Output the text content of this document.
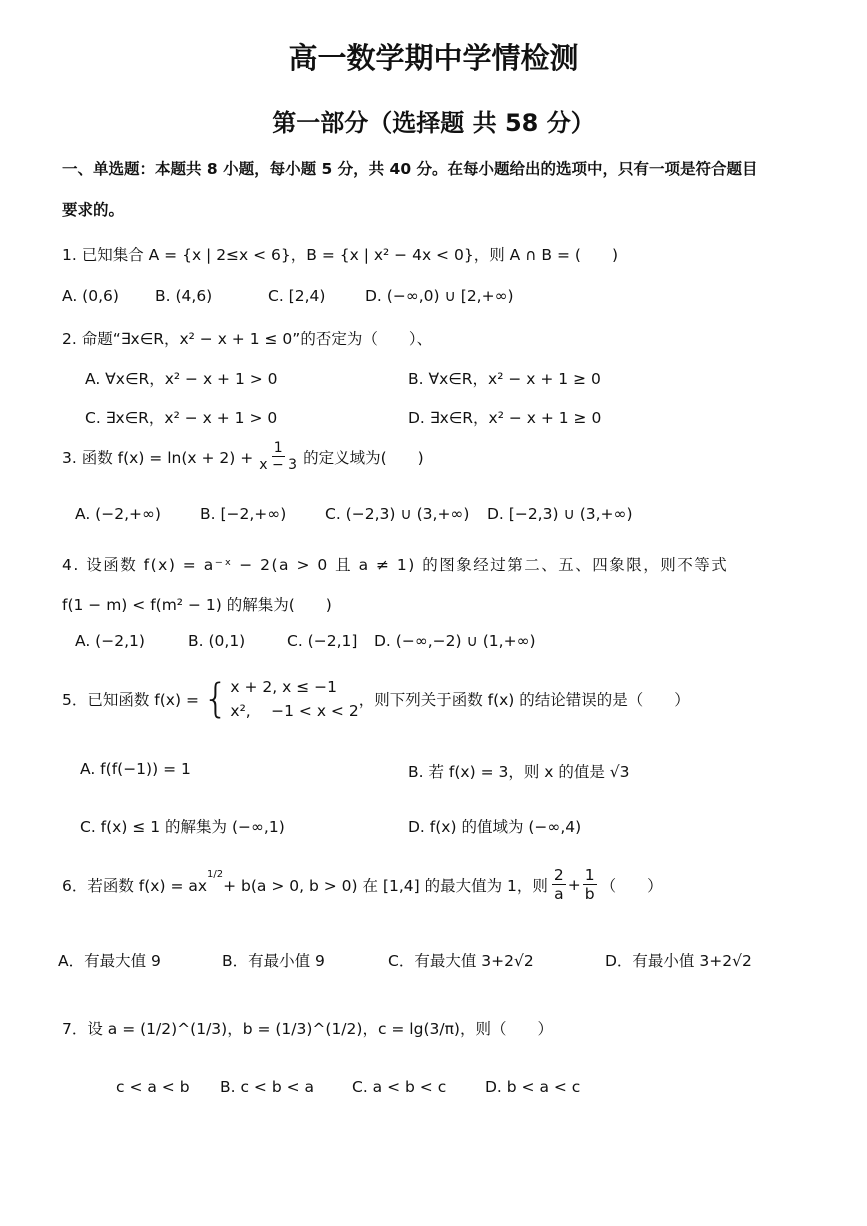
高一数学期中学情检测
第一部分（选择题 共 58 分）
一、单选题：本题共 8 小题，每小题 5 分，共 40 分。在每小题给出的选项中，只有一项是符合题目
要求的。
1. 已知集合 A = {x | 2≤x < 6}，B = {x | x² − 4x < 0}，则 A ∩ B = (　　)
A. (0,6) B. (4,6)	C. [2,4)	D. (−∞,0) ∪ [2,+∞)
2. 命题“∃x∈R，x² − x + 1 ≤ 0”的否定为（　　）、
A. ∀x∈R，x² − x + 1 > 0	B. ∀x∈R，x² − x + 1 ≥ 0
C. ∃x∈R，x² − x + 1 > 0	D. ∃x∈R，x² − x + 1 ≥ 0
3. 函数 $f(x) = \ln(x + 2) + \frac{1}{x - 3}$ 的定义域为(　　)
A. (−2,+∞)	B. [−2,+∞) C. (−2,3) ∪ (3,+∞) D. [−2,3) ∪ (3,+∞)
4. 设函数 f(x) = a⁻ˣ − 2(a > 0 且 a ≠ 1) 的图象经过第二、五、四象限，则不等式
f(1 − m) < f(m² − 1) 的解集为(　　)
A. (−2,1)	B. (0,1)	C. (−2,1] D. (−∞,−2) ∪ (1,+∞)
5．已知函数 f(x) = { x + 2, x ≤ −1
x²,　 −1 < x < 2
，则下列关于函数 f(x) 的结论错误的是（　　）
A. f(f(−1)) = 1	B. 若 f(x) = 3，则 x 的值是 √3
C. f(x) ≤ 1 的解集为 (−∞,1)	D. f(x) 的值域为 (−∞,4)
6．若函数 f(x) = ax
$^{1/2}$
+ b(a > 0, b > 0) 在 [1,4] 的最大值为 1，则 $\frac{2}{a} + \frac{1}{b}$ （　　）
A．有最大值 9	B．有最小值 9	C．有最大值 3+2√2	D．有最小值 3+2√2
7．设 a = (1/2)^(1/3)，b = (1/3)^(1/2)，c = lg(3/π)，则（　　）
c < a < b B. c < b < a C. a < b < c	D. b < a < c
